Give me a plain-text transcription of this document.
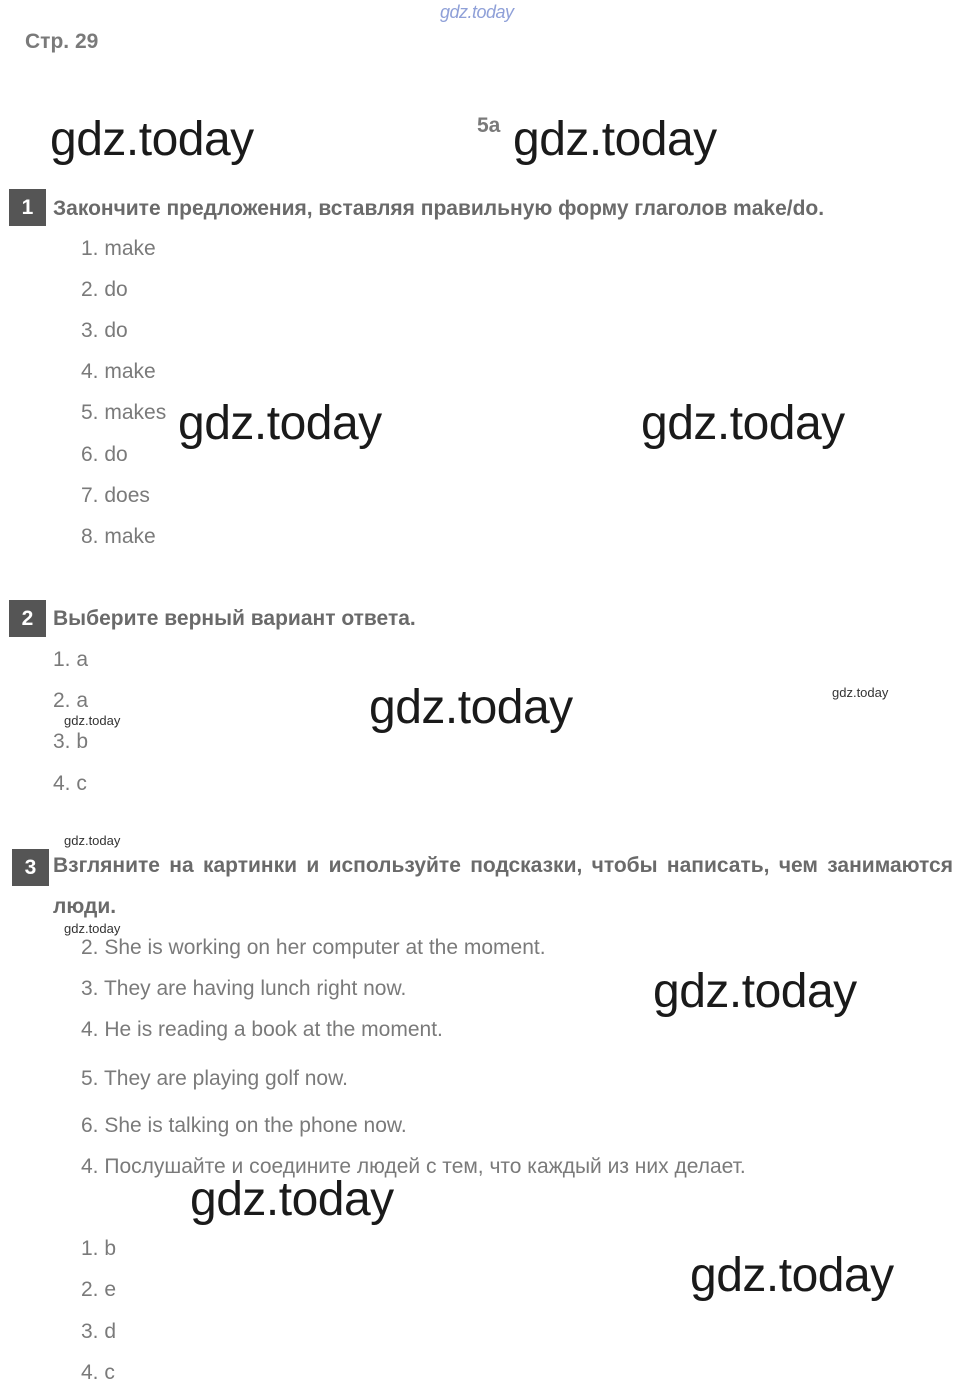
gdz.today
Стр. 29
5a
gdz.today	gdz.today
gdz.today	gdz.today
gdz.today
gdz.today
gdz.today
gdz.today
gdz.today
gdz.today
gdz.today
gdz.today
1 Закончите предложения, вставляя правильную форму глаголов make/do.
1. make
2. do
3. do
4. make
5. makes
6. do
7. does
8. make
2 Выберите верный вариант ответа.
1. a
2. a
3. b
4. c
3 Взгляните на картинки и используйте подсказки, чтобы написать, чем занимаются люди.
2. She is working on her computer at the moment.
3. They are having lunch right now.
4. He is reading a book at the moment.
5. They are playing golf now.
6. She is talking on the phone now.
4. Послушайте и соедините людей с тем, что каждый из них делает.
1. b
2. e
3. d
4. c
